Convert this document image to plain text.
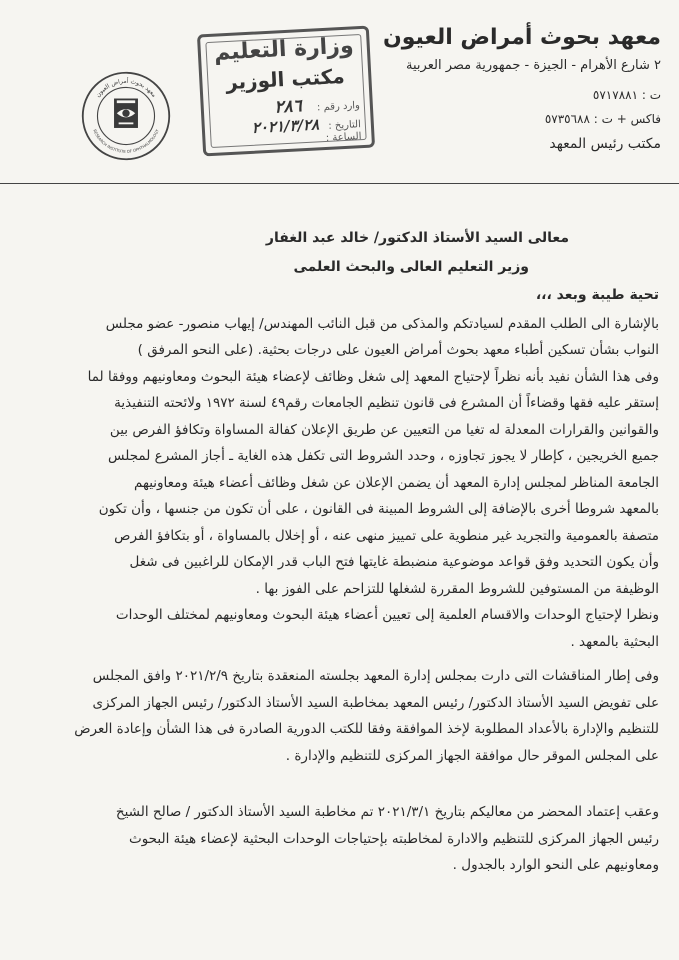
معهد بحوث أمراض العيون
٢ شارع الأهرام - الجيزة - جمهورية مصر العربية
ت : ٥٧١٧٨٨١
فاكس + ت : ٥٧٣٥٦٨٨
مكتب رئيس المعهد
وزارة التعليم
مكتب الوزير
وارد رقم : ٢٨٦
التاريخ : ٢٠٢١/٣/٢٨
الساعة :
معهد بحوث أمراض العيون
RESEARCH INSTITUTE OF OPHTHALMOLOGY
معالى السيد الأستاذ الدكتور/ خالد عبد الغفار
وزير التعليم العالى والبحث العلمى
تحية طيبة وبعد ،،،
بالإشارة الى الطلب المقدم لسيادتكم والمذكى من قبل النائب المهندس/ إيهاب منصور- عضو مجلس
النواب بشأن تسكين أطباء معهد بحوث أمراض العيون على درجات بحثية. (على النحو المرفق )
وفى هذا الشأن نفيد بأنه نظراً لإحتياج المعهد إلى شغل وظائف لإعضاء هيئة البحوث ومعاونيهم ووفقا لما
إستقر عليه فقها وقضاءاً أن المشرع فى قانون تنظيم الجامعات رقم٤٩ لسنة ١٩٧٢ ولائحته التنفيذية
والقوانين والقرارات المعدلة له تغيا من التعيين عن طريق الإعلان كفالة المساواة وتكافؤ الفرص بين
جميع الخريجين ، كإطار لا يجوز تجاوزه ، وحدد الشروط التى تكفل هذه الغاية ـ أجاز المشرع لمجلس
الجامعة المناظر لمجلس إدارة المعهد أن يضمن الإعلان عن شغل وظائف أعضاء هيئة ومعاونيهم
بالمعهد شروطا أخرى بالإضافة إلى الشروط المبينة فى القانون ، على أن تكون من جنسها ، وأن تكون
متصفة بالعمومية والتجريد غير منطوية على تمييز منهى عنه ، أو إخلال بالمساواة ، أو بتكافؤ الفرص
وأن يكون التحديد وفق قواعد موضوعية منضبطة غايتها فتح الباب قدر الإمكان للراغبين فى شغل
الوظيفة من المستوفين للشروط المقررة لشغلها للتزاحم على الفوز بها .
ونظرا لإحتياج الوحدات والاقسام العلمية إلى تعيين أعضاء هيئة البحوث ومعاونيهم لمختلف الوحدات
البحثية بالمعهد .
وفى إطار المناقشات التى دارت بمجلس إدارة المعهد بجلسته المنعقدة بتاريخ ٢٠٢١/٢/٩ وافق المجلس
على تفويض السيد الأستاذ الدكتور/ رئيس المعهد بمخاطبة السيد الأستاذ الدكتور/ رئيس الجهاز المركزى
للتنظيم والإدارة بالأعداد المطلوبة لإخذ الموافقة وفقا للكتب الدورية الصادرة فى هذا الشأن وإعادة العرض
على المجلس الموقر حال موافقة الجهاز المركزى للتنظيم والإدارة .
وعقب إعتماد المحضر من معاليكم بتاريخ ٢٠٢١/٣/١ تم مخاطبة السيد الأستاذ الدكتور / صالح الشيخ
رئيس الجهاز المركزى للتنظيم والادارة لمخاطبته بإحتياجات الوحدات البحثية لإعضاء هيئة البحوث
ومعاونيهم على النحو الوارد بالجدول .
